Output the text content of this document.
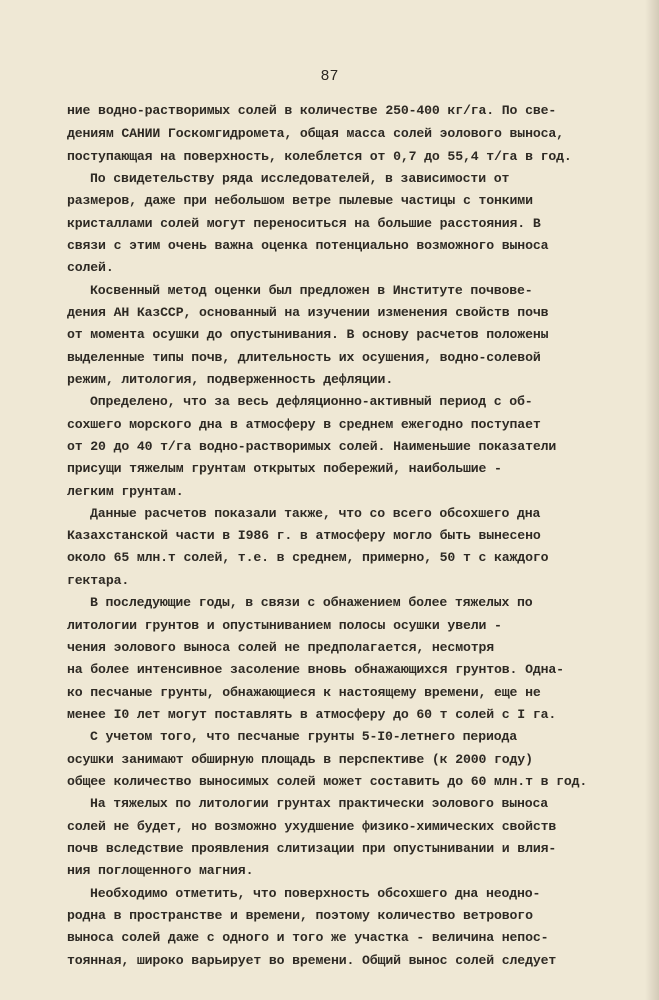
87
ние водно-растворимых солей в количестве 250-400 кг/га. По све-
дениям САНИИ Госкомгидромета, общая масса солей эолового выноса,
поступающая на поверхность, колеблется от 0,7 до 55,4 т/га в год.
По свидетельству ряда исследователей, в зависимости от
размеров, даже при небольшом ветре пылевые частицы с тонкими
кристаллами солей могут переноситься на большие расстояния. В
связи с этим очень важна оценка потенциально возможного выноса
солей.
Косвенный метод оценки был предложен в Институте почвове-
дения АН КазССР, основанный на изучении изменения свойств почв
от момента осушки до опустынивания. В основу расчетов положены
выделенные типы почв, длительность их осушения, водно-солевой
режим, литология, подверженность дефляции.
Определено, что за весь дефляционно-активный период с об-
сохшего морского дна в атмосферу в среднем ежегодно поступает
от 20 до 40 т/га водно-растворимых солей. Наименьшие показатели
присущи тяжелым грунтам открытых побережий, наибольшие -
легким грунтам.
Данные расчетов показали также, что со всего обсохшего дна
Казахстанской части в I986 г. в атмосферу могло быть вынесено
около 65 млн.т солей, т.е. в среднем, примерно, 50 т с каждого
гектара.
В последующие годы, в связи с обнажением более тяжелых по
литологии грунтов и опустыниванием полосы осушки увели -
чения эолового выноса солей не предполагается, несмотря
на более интенсивное засоление вновь обнажающихся грунтов. Одна-
ко песчаные грунты, обнажающиеся к настоящему времени, еще не
менее I0 лет могут поставлять в атмосферу до 60 т солей с I га.
С учетом того, что песчаные грунты 5-I0-летнего периода
осушки занимают обширную площадь в перспективе (к 2000 году)
общее количество выносимых солей может составить до 60 млн.т в год.
На тяжелых по литологии грунтах практически эолового выноса
солей не будет, но возможно ухудшение физико-химических свойств
почв вследствие проявления слитизации при опустынивании и влия-
ния поглощенного магния.
Необходимо отметить, что поверхность обсохшего дна неодно-
родна в пространстве и времени, поэтому количество ветрового
выноса солей даже с одного и того же участка - величина непос-
тоянная, широко варьирует во времени. Общий вынос солей следует
